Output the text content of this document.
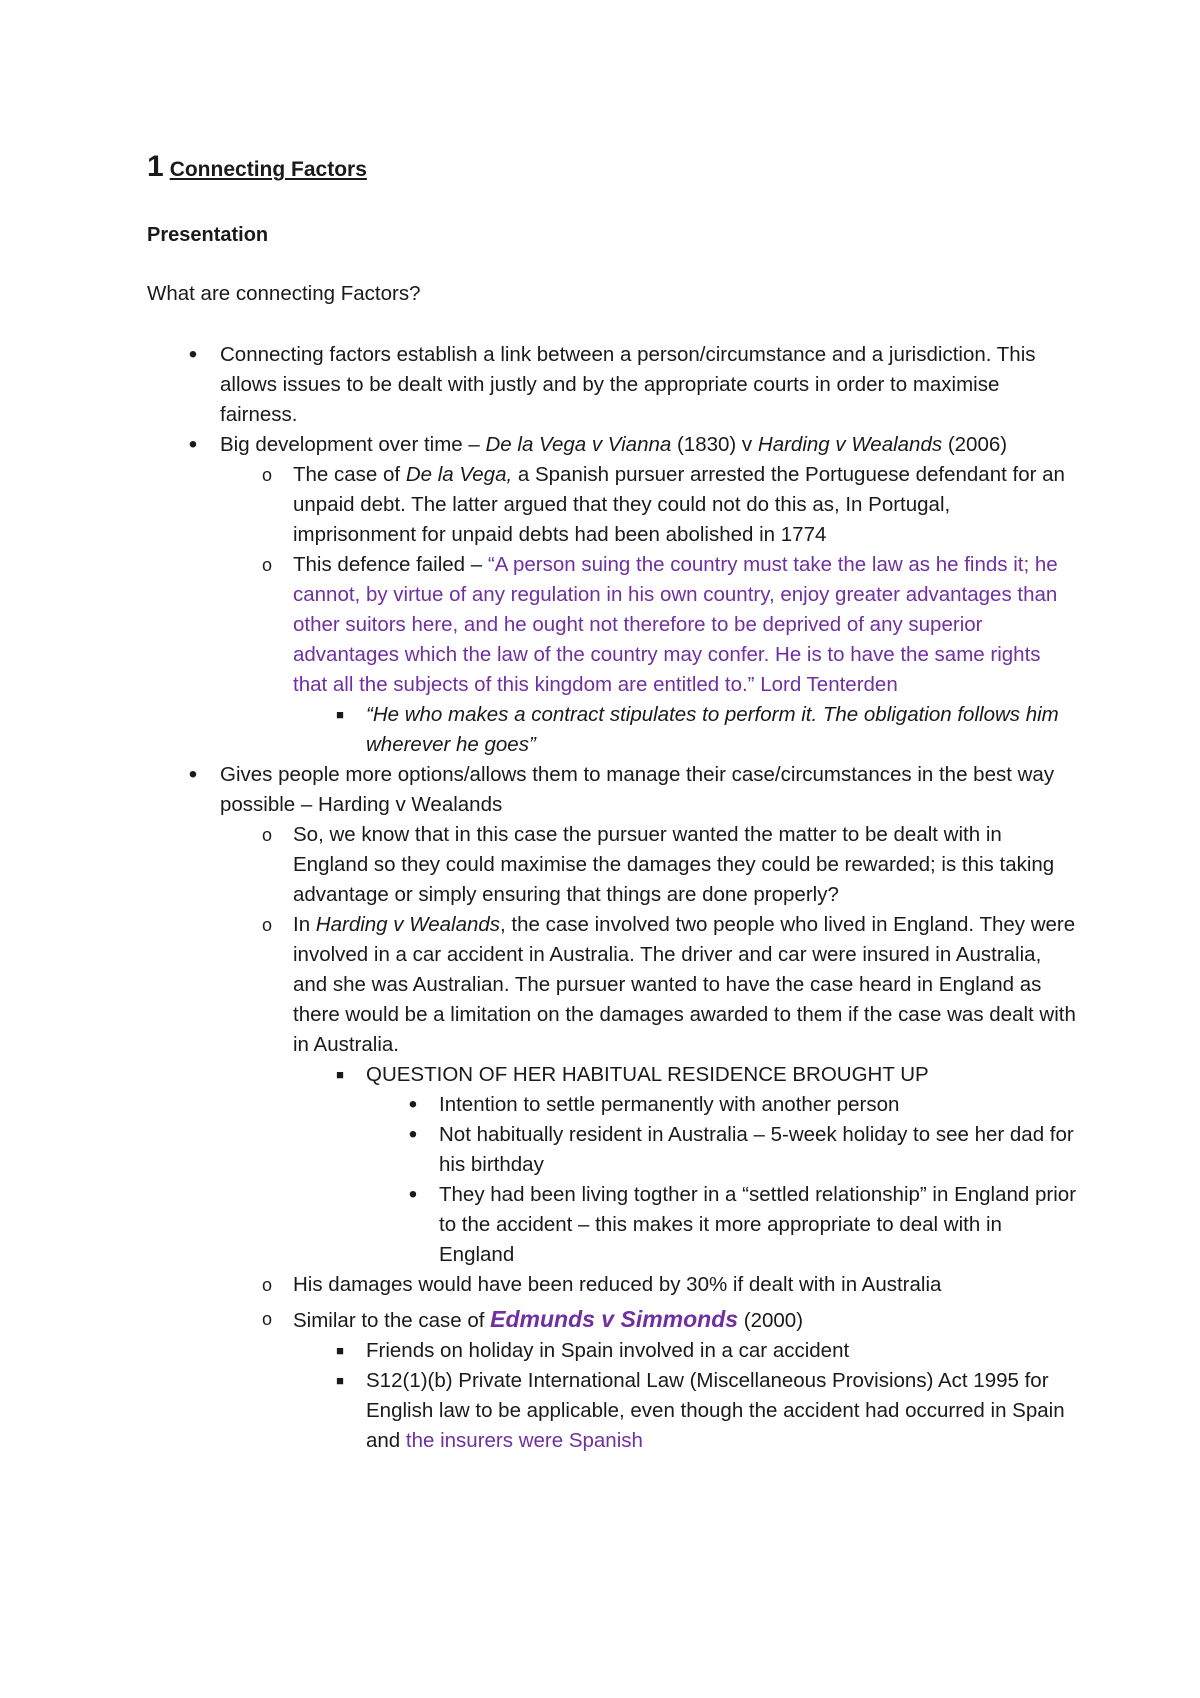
1 Connecting Factors
Presentation
What are connecting Factors?
•	Connecting factors establish a link between a person/circumstance and a jurisdiction. This allows issues to be dealt with justly and by the appropriate courts in order to maximise fairness.
•	Big development over time – De la Vega v Vianna (1830) v Harding v Wealands (2006)
o	The case of De la Vega, a Spanish pursuer arrested the Portuguese defendant for an unpaid debt. The latter argued that they could not do this as, In Portugal, imprisonment for unpaid debts had been abolished in 1774
o	This defence failed – “A person suing the country must take the law as he finds it; he cannot, by virtue of any regulation in his own country, enjoy greater advantages than other suitors here, and he ought not therefore to be deprived of any superior advantages which the law of the country may confer. He is to have the same rights that all the subjects of this kingdom are entitled to.” Lord Tenterden
■	“He who makes a contract stipulates to perform it. The obligation follows him wherever he goes”
•	Gives people more options/allows them to manage their case/circumstances in the best way possible – Harding v Wealands
o	So, we know that in this case the pursuer wanted the matter to be dealt with in England so they could maximise the damages they could be rewarded; is this taking advantage or simply ensuring that things are done properly?
o	In Harding v Wealands, the case involved two people who lived in England. They were involved in a car accident in Australia. The driver and car were insured in Australia, and she was Australian. The pursuer wanted to have the case heard in England as there would be a limitation on the damages awarded to them if the case was dealt with in Australia.
■	QUESTION OF HER HABITUAL RESIDENCE BROUGHT UP
•	Intention to settle permanently with another person
•	Not habitually resident in Australia – 5-week holiday to see her dad for his birthday
•	They had been living togther in a “settled relationship” in England prior to the accident – this makes it more appropriate to deal with in England
o	His damages would have been reduced by 30% if dealt with in Australia
o	Similar to the case of Edmunds v Simmonds (2000)
■	Friends on holiday in Spain involved in a car accident
■	S12(1)(b) Private International Law (Miscellaneous Provisions) Act 1995 for English law to be applicable, even though the accident had occurred in Spain and the insurers were Spanish
